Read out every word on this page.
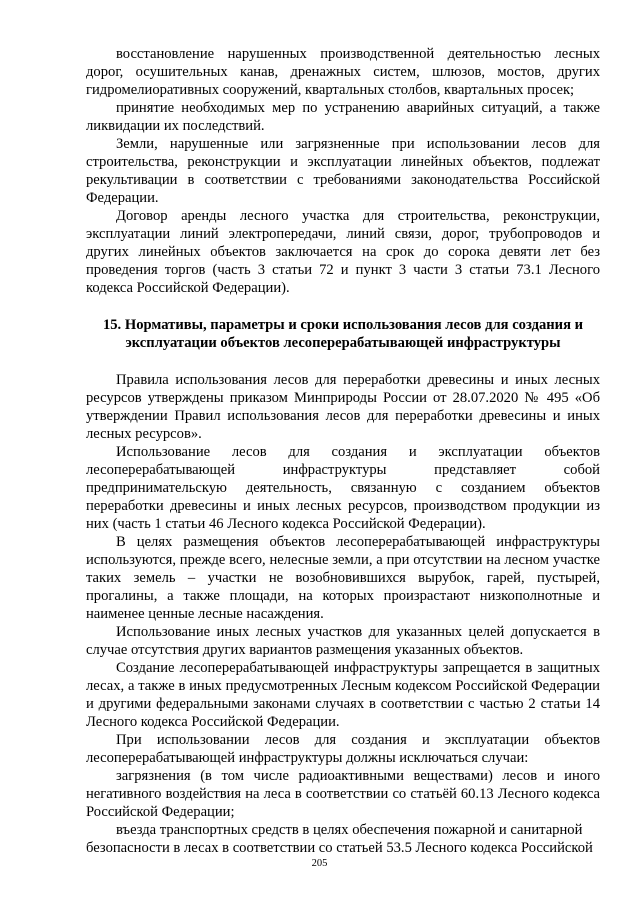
восстановление нарушенных производственной деятельностью лесных дорог, осушительных канав, дренажных систем, шлюзов, мостов, других гидромелиоративных сооружений, квартальных столбов, квартальных просек;

принятие необходимых мер по устранению аварийных ситуаций, а также ликвидации их последствий.

Земли, нарушенные или загрязненные при использовании лесов для строительства, реконструкции и эксплуатации линейных объектов, подлежат рекультивации в соответствии с требованиями законодательства Российской Федерации.

Договор аренды лесного участка для строительства, реконструкции, эксплуатации линий электропередачи, линий связи, дорог, трубопроводов и других линейных объектов заключается на срок до сорока девяти лет без проведения торгов (часть 3 статьи 72 и пункт 3 части 3 статьи 73.1 Лесного кодекса Российской Федерации).

15. Нормативы, параметры и сроки использования лесов для создания и эксплуатации объектов лесоперерабатывающей инфраструктуры

Правила использования лесов для переработки древесины и иных лесных ресурсов утверждены приказом Минприроды России от 28.07.2020 № 495 «Об утверждении Правил использования лесов для переработки древесины и иных лесных ресурсов».

Использование лесов для создания и эксплуатации объектов лесоперерабатывающей инфраструктуры представляет собой предпринимательскую деятельность, связанную с созданием объектов переработки древесины и иных лесных ресурсов, производством продукции из них (часть 1 статьи 46 Лесного кодекса Российской Федерации).

В целях размещения объектов лесоперерабатывающей инфраструктуры используются, прежде всего, нелесные земли, а при отсутствии на лесном участке таких земель – участки не возобновившихся вырубок, гарей, пустырей, прогалины, а также площади, на которых произрастают низкополнотные и наименее ценные лесные насаждения.

Использование иных лесных участков для указанных целей допускается в случае отсутствия других вариантов размещения указанных объектов.

Создание лесоперерабатывающей инфраструктуры запрещается в защитных лесах, а также в иных предусмотренных Лесным кодексом Российской Федерации и другими федеральными законами случаях в соответствии с частью 2 статьи 14 Лесного кодекса Российской Федерации.

При использовании лесов для создания и эксплуатации объектов лесоперерабатывающей инфраструктуры должны исключаться случаи:

загрязнения (в том числе радиоактивными веществами) лесов и иного негативного воздействия на леса в соответствии со статьёй 60.13 Лесного кодекса Российской Федерации;

въезда транспортных средств в целях обеспечения пожарной и санитарной безопасности в лесах в соответствии со статьей 53.5 Лесного кодекса Российской

205
